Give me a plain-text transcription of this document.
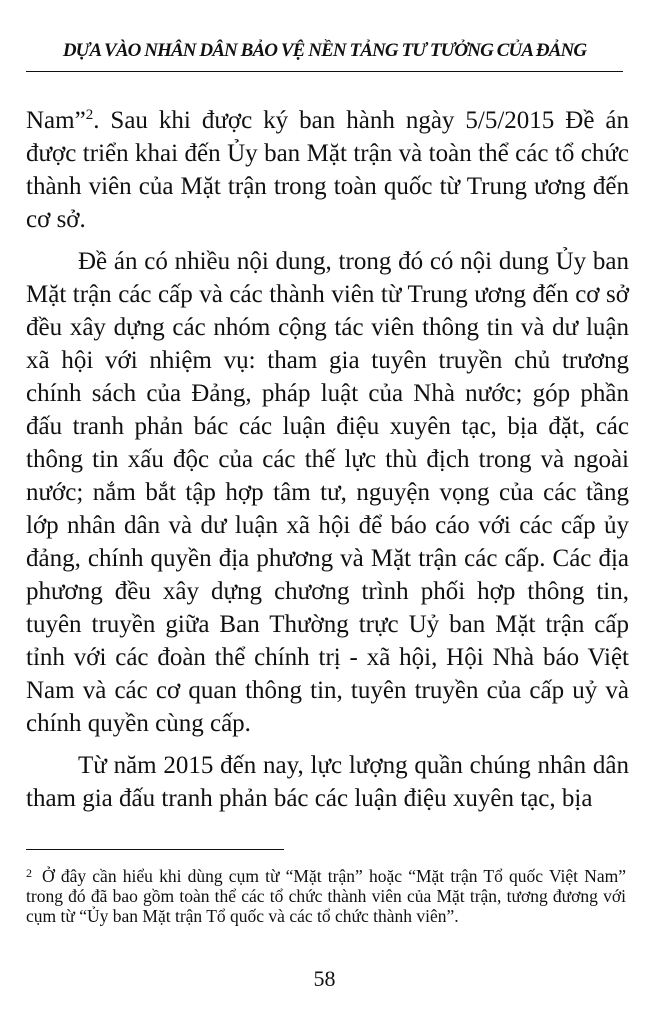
DỰA VÀO NHÂN DÂN BẢO VỆ NỀN TẢNG TƯ TƯỞNG CỦA ĐẢNG

Nam”$^2$. Sau khi được ký ban hành ngày 5/5/2015 Đề án được triển khai đến Ủy ban Mặt trận và toàn thể các tổ chức thành viên của Mặt trận trong toàn quốc từ Trung ương đến cơ sở.

Đề án có nhiều nội dung, trong đó có nội dung Ủy ban Mặt trận các cấp và các thành viên từ Trung ương đến cơ sở đều xây dựng các nhóm cộng tác viên thông tin và dư luận xã hội với nhiệm vụ: tham gia tuyên truyền chủ trương chính sách của Đảng, pháp luật của Nhà nước; góp phần đấu tranh phản bác các luận điệu xuyên tạc, bịa đặt, các thông tin xấu độc của các thế lực thù địch trong và ngoài nước; nắm bắt tập hợp tâm tư, nguyện vọng của các tầng lớp nhân dân và dư luận xã hội để báo cáo với các cấp ủy đảng, chính quyền địa phương và Mặt trận các cấp. Các địa phương đều xây dựng chương trình phối hợp thông tin, tuyên truyền giữa Ban Thường trực Uỷ ban Mặt trận cấp tỉnh với các đoàn thể chính trị - xã hội, Hội Nhà báo Việt Nam và các cơ quan thông tin, tuyên truyền của cấp uỷ và chính quyền cùng cấp.

Từ năm 2015 đến nay, lực lượng quần chúng nhân dân tham gia đấu tranh phản bác các luận điệu xuyên tạc, bịa

2 Ở đây cần hiểu khi dùng cụm từ “Mặt trận” hoặc “Mặt trận Tổ quốc Việt Nam” trong đó đã bao gồm toàn thể các tổ chức thành viên của Mặt trận, tương đương với cụm từ “Ủy ban Mặt trận Tổ quốc và các tổ chức thành viên”.
58
